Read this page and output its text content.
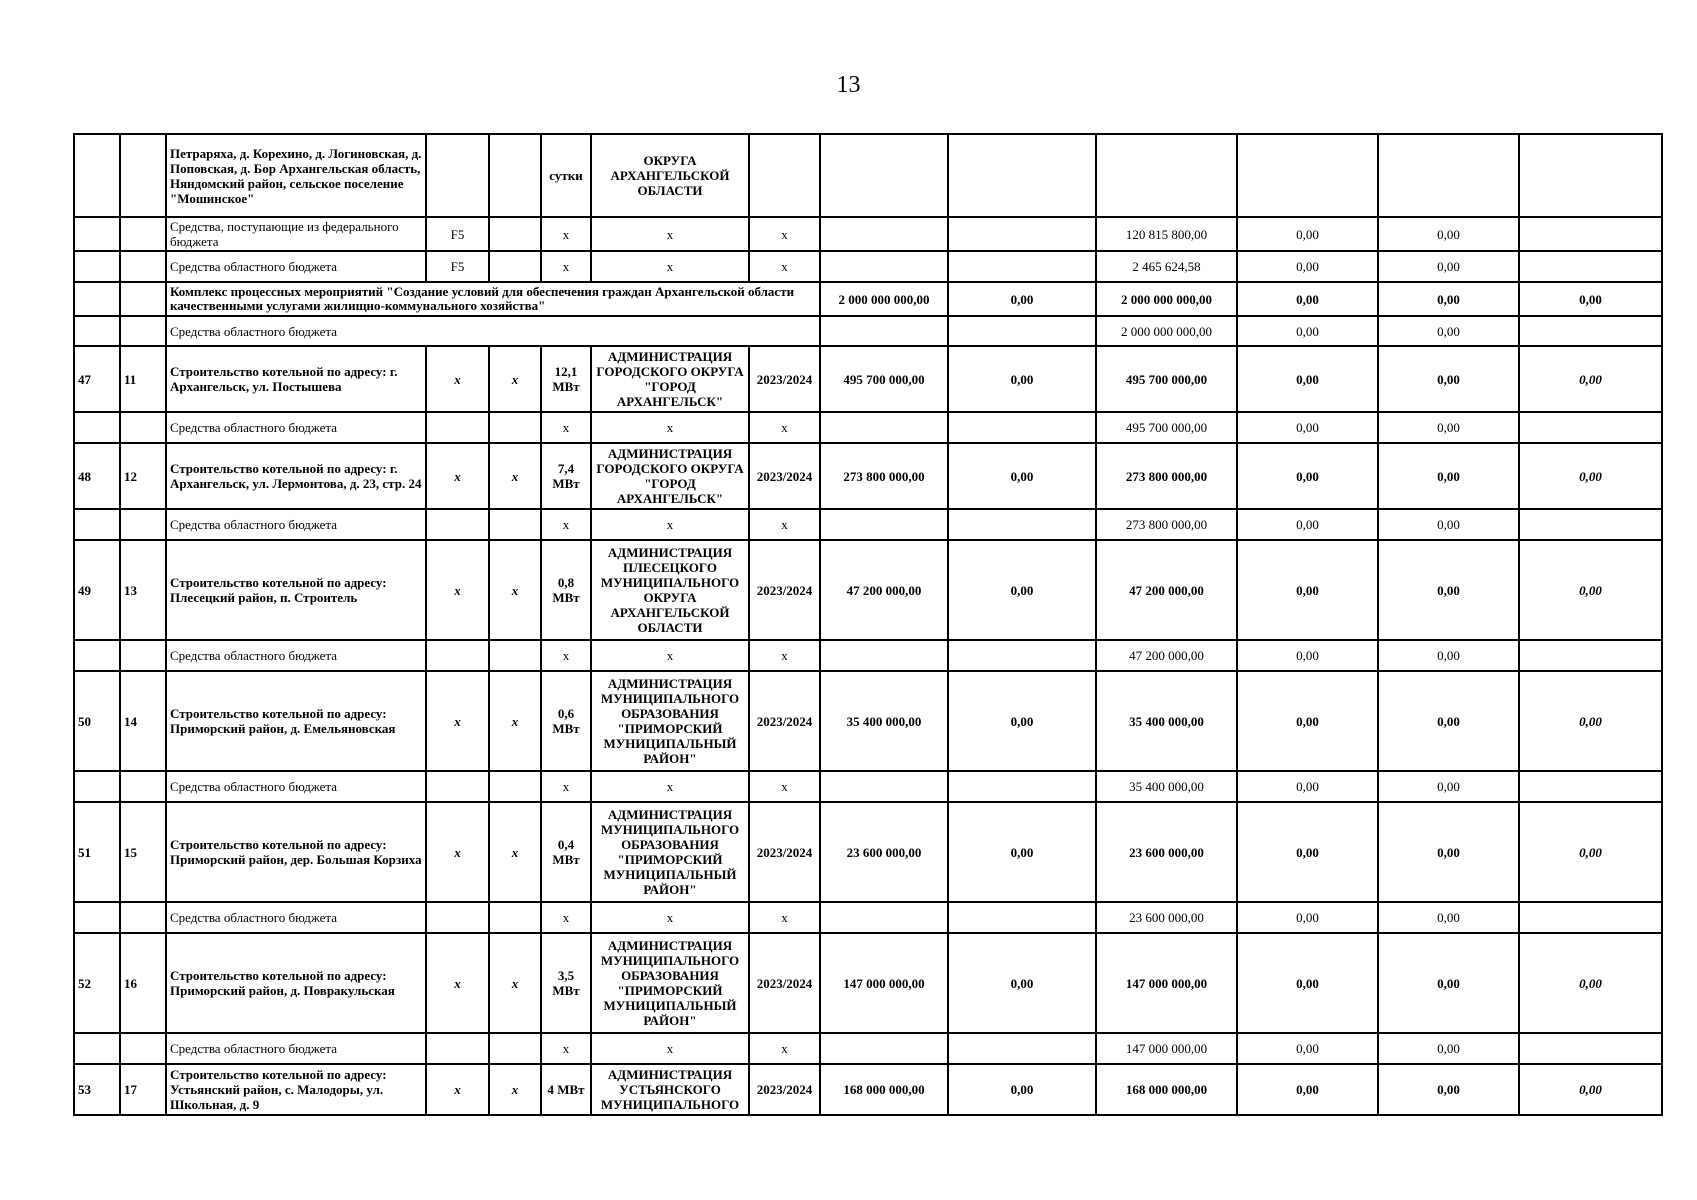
13
		Петраряха, д. Корехино, д. Логиновская, д. Поповская, д. Бор Архангельская область, Няндомский район, сельское поселение "Мошинское"			сутки	ОКРУГА АРХАНГЕЛЬСКОЙ ОБЛАСТИ							
		Средства, поступающие из федерального бюджета	F5		x	x	x			120 815 800,00	0,00	0,00	
		Средства областного бюджета	F5		x	x	x			2 465 624,58	0,00	0,00	
		Комплекс процессных мероприятий "Создание условий для обеспечения граждан Архангельской области качественными услугами жилищно-коммунального хозяйства"						2 000 000 000,00	0,00	2 000 000 000,00	0,00	0,00	0,00
		Средства областного бюджета								2 000 000 000,00	0,00	0,00	
47	11	Строительство котельной по адресу: г. Архангельск, ул. Постышева	x	x	12,1 МВт	АДМИНИСТРАЦИЯ ГОРОДСКОГО ОКРУГА "ГОРОД АРХАНГЕЛЬСК"	2023/2024	495 700 000,00	0,00	495 700 000,00	0,00	0,00	0,00
		Средства областного бюджета			x	x	x			495 700 000,00	0,00	0,00	
48	12	Строительство котельной по адресу: г. Архангельск, ул. Лермонтова, д. 23, стр. 24	x	x	7,4 МВт	АДМИНИСТРАЦИЯ ГОРОДСКОГО ОКРУГА "ГОРОД АРХАНГЕЛЬСК"	2023/2024	273 800 000,00	0,00	273 800 000,00	0,00	0,00	0,00
		Средства областного бюджета			x	x	x			273 800 000,00	0,00	0,00	
49	13	Строительство котельной по адресу: Плесецкий район, п. Строитель	x	x	0,8 МВт	АДМИНИСТРАЦИЯ ПЛЕСЕЦКОГО МУНИЦИПАЛЬНОГО ОКРУГА АРХАНГЕЛЬСКОЙ ОБЛАСТИ	2023/2024	47 200 000,00	0,00	47 200 000,00	0,00	0,00	0,00
		Средства областного бюджета			x	x	x			47 200 000,00	0,00	0,00	
50	14	Строительство котельной по адресу: Приморский район, д. Емельяновская	x	x	0,6 МВт	АДМИНИСТРАЦИЯ МУНИЦИПАЛЬНОГО ОБРАЗОВАНИЯ "ПРИМОРСКИЙ МУНИЦИПАЛЬНЫЙ РАЙОН"	2023/2024	35 400 000,00	0,00	35 400 000,00	0,00	0,00	0,00
		Средства областного бюджета			x	x	x			35 400 000,00	0,00	0,00	
51	15	Строительство котельной по адресу: Приморский район, дер. Большая Корзиха	x	x	0,4 МВт	АДМИНИСТРАЦИЯ МУНИЦИПАЛЬНОГО ОБРАЗОВАНИЯ "ПРИМОРСКИЙ МУНИЦИПАЛЬНЫЙ РАЙОН"	2023/2024	23 600 000,00	0,00	23 600 000,00	0,00	0,00	0,00
		Средства областного бюджета			x	x	x			23 600 000,00	0,00	0,00	
52	16	Строительство котельной по адресу: Приморский район, д. Повракульская	x	x	3,5 МВт	АДМИНИСТРАЦИЯ МУНИЦИПАЛЬНОГО ОБРАЗОВАНИЯ "ПРИМОРСКИЙ МУНИЦИПАЛЬНЫЙ РАЙОН"	2023/2024	147 000 000,00	0,00	147 000 000,00	0,00	0,00	0,00
		Средства областного бюджета			x	x	x			147 000 000,00	0,00	0,00	
53	17	Строительство котельной по адресу: Устьянский район, с. Малодоры, ул. Школьная, д. 9	x	x	4 МВт	АДМИНИСТРАЦИЯ УСТЬЯНСКОГО МУНИЦИПАЛЬНОГО	2023/2024	168 000 000,00	0,00	168 000 000,00	0,00	0,00	0,00
